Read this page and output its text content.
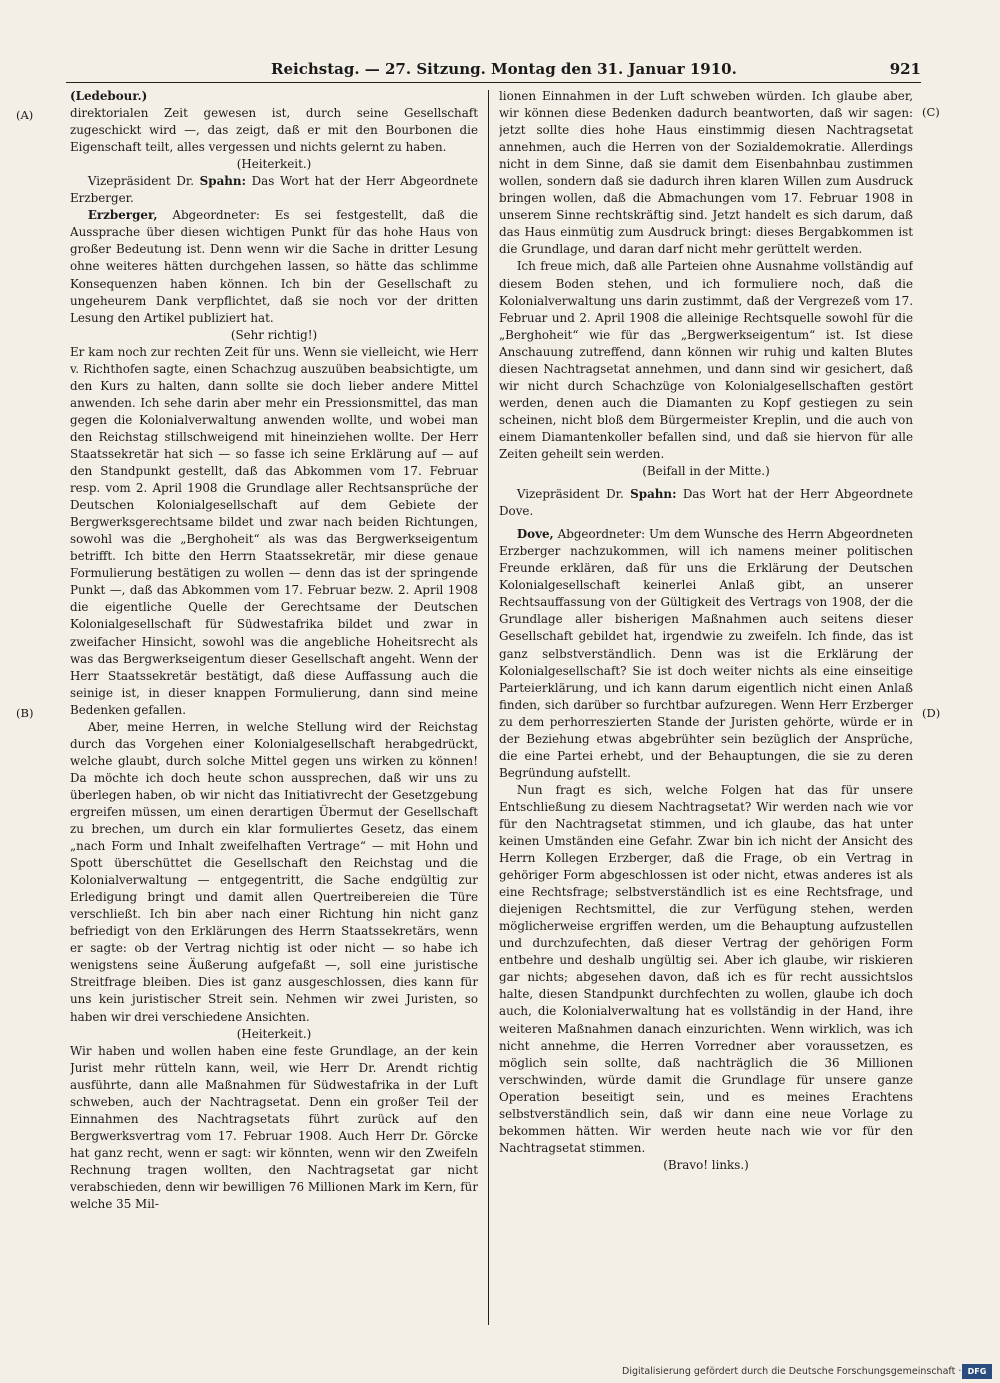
Reichstag. — 27. Sitzung. Montag den 31. Januar 1910.	921
(A)
(B)
(C)
(D)

(Ledebour.)

direktorialen Zeit gewesen ist, durch seine Gesellschaft zugeschickt wird —, das zeigt, daß er mit den Bourbonen die Eigenschaft teilt, alles vergessen und nichts gelernt zu haben.

(Heiterkeit.)

Vizepräsident Dr. Spahn: Das Wort hat der Herr Abgeordnete Erzberger.

Erzberger, Abgeordneter: Es sei festgestellt, daß die Aussprache über diesen wichtigen Punkt für das hohe Haus von großer Bedeutung ist. Denn wenn wir die Sache in dritter Lesung ohne weiteres hätten durchgehen lassen, so hätte das schlimme Konsequenzen haben können. Ich bin der Gesellschaft zu ungeheurem Dank verpflichtet, daß sie noch vor der dritten Lesung den Artikel publiziert hat.

(Sehr richtig!)

Er kam noch zur rechten Zeit für uns. Wenn sie vielleicht, wie Herr v. Richthofen sagte, einen Schachzug auszuüben beabsichtigte, um den Kurs zu halten, dann sollte sie doch lieber andere Mittel anwenden. Ich sehe darin aber mehr ein Pressionsmittel, das man gegen die Kolonialverwaltung anwenden wollte, und wobei man den Reichstag stillschweigend mit hineinziehen wollte. Der Herr Staatssekretär hat sich — so fasse ich seine Erklärung auf — auf den Standpunkt gestellt, daß das Abkommen vom 17. Februar resp. vom 2. April 1908 die Grundlage aller Rechtsansprüche der Deutschen Kolonialgesellschaft auf dem Gebiete der Bergwerksgerechtsame bildet und zwar nach beiden Richtungen, sowohl was die „Berghoheit“ als was das Bergwerkseigentum betrifft. Ich bitte den Herrn Staatssekretär, mir diese genaue Formulierung bestätigen zu wollen — denn das ist der springende Punkt —, daß das Abkommen vom 17. Februar bezw. 2. April 1908 die eigentliche Quelle der Gerechtsame der Deutschen Kolonialgesellschaft für Südwestafrika bildet und zwar in zweifacher Hinsicht, sowohl was die angebliche Hoheitsrecht als was das Bergwerkseigentum dieser Gesellschaft angeht. Wenn der Herr Staatssekretär bestätigt, daß diese Auffassung auch die seinige ist, in dieser knappen Formulierung, dann sind meine Bedenken gefallen.

Aber, meine Herren, in welche Stellung wird der Reichstag durch das Vorgehen einer Kolonialgesellschaft herabgedrückt, welche glaubt, durch solche Mittel gegen uns wirken zu können! Da möchte ich doch heute schon aussprechen, daß wir uns zu überlegen haben, ob wir nicht das Initiativrecht der Gesetzgebung ergreifen müssen, um einen derartigen Übermut der Gesellschaft zu brechen, um durch ein klar formuliertes Gesetz, das einem „nach Form und Inhalt zweifelhaften Vertrage“ — mit Hohn und Spott überschüttet die Gesellschaft den Reichstag und die Kolonialverwaltung — entgegentritt, die Sache endgültig zur Erledigung bringt und damit allen Quertreibereien die Türe verschließt. Ich bin aber nach einer Richtung hin nicht ganz befriedigt von den Erklärungen des Herrn Staatssekretärs, wenn er sagte: ob der Vertrag nichtig ist oder nicht — so habe ich wenigstens seine Äußerung aufgefaßt —, soll eine juristische Streitfrage bleiben. Dies ist ganz ausgeschlossen, dies kann für uns kein juristischer Streit sein. Nehmen wir zwei Juristen, so haben wir drei verschiedene Ansichten.

(Heiterkeit.)

Wir haben und wollen haben eine feste Grundlage, an der kein Jurist mehr rütteln kann, weil, wie Herr Dr. Arendt richtig ausführte, dann alle Maßnahmen für Südwestafrika in der Luft schweben, auch der Nachtragsetat. Denn ein großer Teil der Einnahmen des Nachtragsetats führt zurück auf den Bergwerksvertrag vom 17. Februar 1908. Auch Herr Dr. Görcke hat ganz recht, wenn er sagt: wir könnten, wenn wir den Zweifeln Rechnung tragen wollten, den Nachtragsetat gar nicht verabschieden, denn wir bewilligen 76 Millionen Mark im Kern, für welche 35 Mil-

lionen Einnahmen in der Luft schweben würden. Ich glaube aber, wir können diese Bedenken dadurch beantworten, daß wir sagen: jetzt sollte dies hohe Haus einstimmig diesen Nachtragsetat annehmen, auch die Herren von der Sozialdemokratie. Allerdings nicht in dem Sinne, daß sie damit dem Eisenbahnbau zustimmen wollen, sondern daß sie dadurch ihren klaren Willen zum Ausdruck bringen wollen, daß die Abmachungen vom 17. Februar 1908 in unserem Sinne rechtskräftig sind. Jetzt handelt es sich darum, daß das Haus einmütig zum Ausdruck bringt: dieses Bergabkommen ist die Grundlage, und daran darf nicht mehr gerüttelt werden.

Ich freue mich, daß alle Parteien ohne Ausnahme vollständig auf diesem Boden stehen, und ich formuliere noch, daß die Kolonialverwaltung uns darin zustimmt, daß der Vergrezeß vom 17. Februar und 2. April 1908 die alleinige Rechtsquelle sowohl für die „Berghoheit“ wie für das „Bergwerkseigentum“ ist. Ist diese Anschauung zutreffend, dann können wir ruhig und kalten Blutes diesen Nachtragsetat annehmen, und dann sind wir gesichert, daß wir nicht durch Schachzüge von Kolonialgesellschaften gestört werden, denen auch die Diamanten zu Kopf gestiegen zu sein scheinen, nicht bloß dem Bürgermeister Kreplin, und die auch von einem Diamantenkoller befallen sind, und daß sie hiervon für alle Zeiten geheilt sein werden.

(Beifall in der Mitte.)

Vizepräsident Dr. Spahn: Das Wort hat der Herr Abgeordnete Dove.

Dove, Abgeordneter: Um dem Wunsche des Herrn Abgeordneten Erzberger nachzukommen, will ich namens meiner politischen Freunde erklären, daß für uns die Erklärung der Deutschen Kolonialgesellschaft keinerlei Anlaß gibt, an unserer Rechtsauffassung von der Gültigkeit des Vertrags von 1908, der die Grundlage aller bisherigen Maßnahmen auch seitens dieser Gesellschaft gebildet hat, irgendwie zu zweifeln. Ich finde, das ist ganz selbstverständlich. Denn was ist die Erklärung der Kolonialgesellschaft? Sie ist doch weiter nichts als eine einseitige Parteierklärung, und ich kann darum eigentlich nicht einen Anlaß finden, sich darüber so furchtbar aufzuregen. Wenn Herr Erzberger zu dem perhorreszierten Stande der Juristen gehörte, würde er in der Beziehung etwas abgebrühter sein bezüglich der Ansprüche, die eine Partei erhebt, und der Behauptungen, die sie zu deren Begründung aufstellt.

Nun fragt es sich, welche Folgen hat das für unsere Entschließung zu diesem Nachtragsetat? Wir werden nach wie vor für den Nachtragsetat stimmen, und ich glaube, das hat unter keinen Umständen eine Gefahr. Zwar bin ich nicht der Ansicht des Herrn Kollegen Erzberger, daß die Frage, ob ein Vertrag in gehöriger Form abgeschlossen ist oder nicht, etwas anderes ist als eine Rechtsfrage; selbstverständlich ist es eine Rechtsfrage, und diejenigen Rechtsmittel, die zur Verfügung stehen, werden möglicherweise ergriffen werden, um die Behauptung aufzustellen und durchzufechten, daß dieser Vertrag der gehörigen Form entbehre und deshalb ungültig sei. Aber ich glaube, wir riskieren gar nichts; abgesehen davon, daß ich es für recht aussichtslos halte, diesen Standpunkt durchfechten zu wollen, glaube ich doch auch, die Kolonialverwaltung hat es vollständig in der Hand, ihre weiteren Maßnahmen danach einzurichten. Wenn wirklich, was ich nicht annehme, die Herren Vorredner aber voraussetzen, es möglich sein sollte, daß nachträglich die 36 Millionen verschwinden, würde damit die Grundlage für unsere ganze Operation beseitigt sein, und es meines Erachtens selbstverständlich sein, daß wir dann eine neue Vorlage zu bekommen hätten. Wir werden heute nach wie vor für den Nachtragsetat stimmen.

(Bravo! links.)

Digitalisierung gefördert durch die Deutsche Forschungsgemeinschaft · DFG
